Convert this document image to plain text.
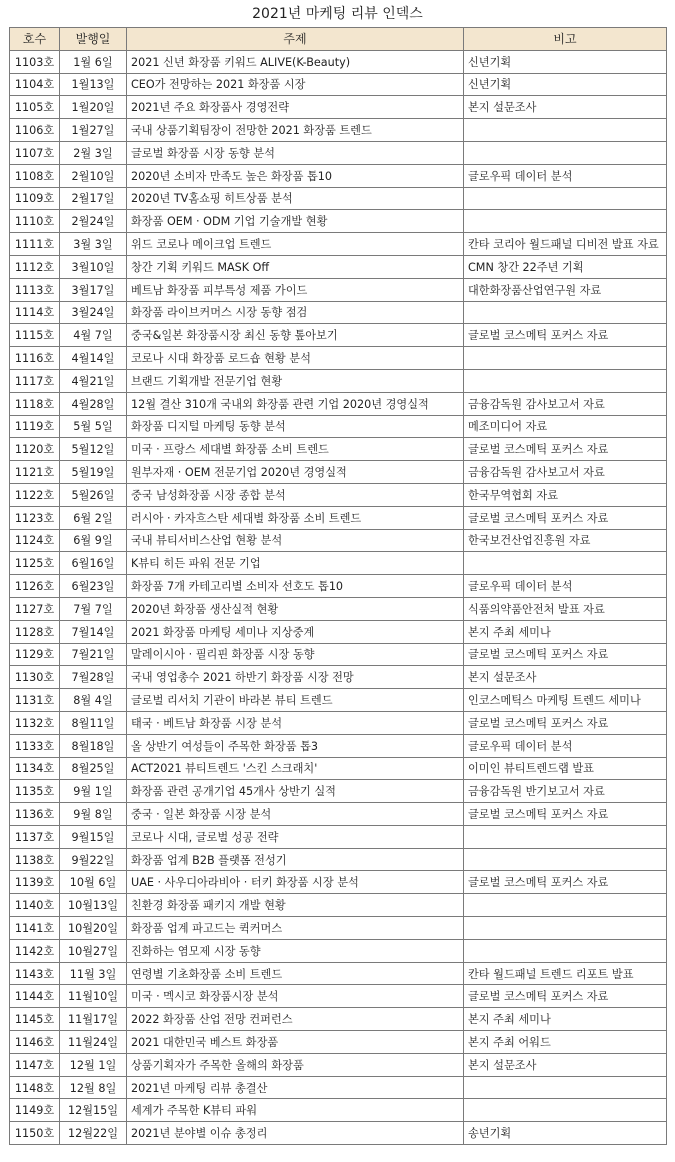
2021년 마케팅 리뷰 인덱스
호수	발행일	주제	비고
1103호	1월 6일	2021 신년 화장품 키워드 ALIVE(K-Beauty)	신년기획
1104호	1월13일	CEO가 전망하는 2021 화장품 시장	신년기획
1105호	1월20일	2021년 주요 화장품사 경영전략	본지 설문조사
1106호	1월27일	국내 상품기획팀장이 전망한 2021 화장품 트렌드	
1107호	2월 3일	글로벌 화장품 시장 동향 분석	
1108호	2월10일	2020년 소비자 만족도 높은 화장품 톱10	글로우픽 데이터 분석
1109호	2월17일	2020년 TV홈쇼핑 히트상품 분석	
1110호	2월24일	화장품 OEM · ODM 기업 기술개발 현황	
1111호	3월 3일	위드 코로나 메이크업 트렌드	칸타 코리아 월드패널 디비전 발표 자료
1112호	3월10일	창간 기획 키워드 MASK Off	CMN 창간 22주년 기획
1113호	3월17일	베트남 화장품 피부특성 제품 가이드	대한화장품산업연구원 자료
1114호	3월24일	화장품 라이브커머스 시장 동향 점검	
1115호	4월 7일	중국&일본 화장품시장 최신 동향 톺아보기	글로벌 코스메틱 포커스 자료
1116호	4월14일	코로나 시대 화장품 로드숍 현황 분석	
1117호	4월21일	브랜드 기획개발 전문기업 현황	
1118호	4월28일	12월 결산 310개 국내외 화장품 관련 기업 2020년 경영실적	금융감독원 감사보고서 자료
1119호	5월 5일	화장품 디지털 마케팅 동향 분석	메조미디어 자료
1120호	5월12일	미국 · 프랑스 세대별 화장품 소비 트렌드	글로벌 코스메틱 포커스 자료
1121호	5월19일	원부자재 · OEM 전문기업 2020년 경영실적	금융감독원 감사보고서 자료
1122호	5월26일	중국 남성화장품 시장 종합 분석	한국무역협회 자료
1123호	6월 2일	러시아 · 카자흐스탄 세대별 화장품 소비 트렌드	글로벌 코스메틱 포커스 자료
1124호	6월 9일	국내 뷰티서비스산업 현황 분석	한국보건산업진흥원 자료
1125호	6월16일	K뷰티 히든 파워 전문 기업	
1126호	6월23일	화장품 7개 카테고리별 소비자 선호도 톱10	글로우픽 데이터 분석
1127호	7월 7일	2020년 화장품 생산실적 현황	식품의약품안전처 발표 자료
1128호	7월14일	2021 화장품 마케팅 세미나 지상중계	본지 주최 세미나
1129호	7월21일	말레이시아 · 필리핀 화장품 시장 동향	글로벌 코스메틱 포커스 자료
1130호	7월28일	국내 영업총수 2021 하반기 화장품 시장 전망	본지 설문조사
1131호	8월 4일	글로벌 리서치 기관이 바라본 뷰티 트렌드	인코스메틱스 마케팅 트렌드 세미나
1132호	8월11일	태국 · 베트남 화장품 시장 분석	글로벌 코스메틱 포커스 자료
1133호	8월18일	올 상반기 여성들이 주목한 화장품 톱3	글로우픽 데이터 분석
1134호	8월25일	ACT2021 뷰티트렌드 '스킨 스크래치'	이미인 뷰티트렌드랩 발표
1135호	9월 1일	화장품 관련 공개기업 45개사 상반기 실적	금융감독원 반기보고서 자료
1136호	9월 8일	중국 · 일본 화장품 시장 분석	글로벌 코스메틱 포커스 자료
1137호	9월15일	코로나 시대, 글로벌 성공 전략	
1138호	9월22일	화장품 업계 B2B 플랫폼 전성기	
1139호	10월 6일	UAE · 사우디아라비아 · 터키 화장품 시장 분석	글로벌 코스메틱 포커스 자료
1140호	10월13일	친환경 화장품 패키지 개발 현황	
1141호	10월20일	화장품 업계 파고드는 퀵커머스	
1142호	10월27일	진화하는 염모제 시장 동향	
1143호	11월 3일	연령별 기초화장품 소비 트렌드	칸타 월드패널 트렌드 리포트 발표
1144호	11월10일	미국 · 멕시코 화장품시장 분석	글로벌 코스메틱 포커스 자료
1145호	11월17일	2022 화장품 산업 전망 컨퍼런스	본지 주최 세미나
1146호	11월24일	2021 대한민국 베스트 화장품	본지 주최 어워드
1147호	12월 1일	상품기획자가 주목한 올해의 화장품	본지 설문조사
1148호	12월 8일	2021년 마케팅 리뷰 총결산	
1149호	12월15일	세계가 주목한 K뷰티 파워	
1150호	12월22일	2021년 분야별 이슈 총정리	송년기획
